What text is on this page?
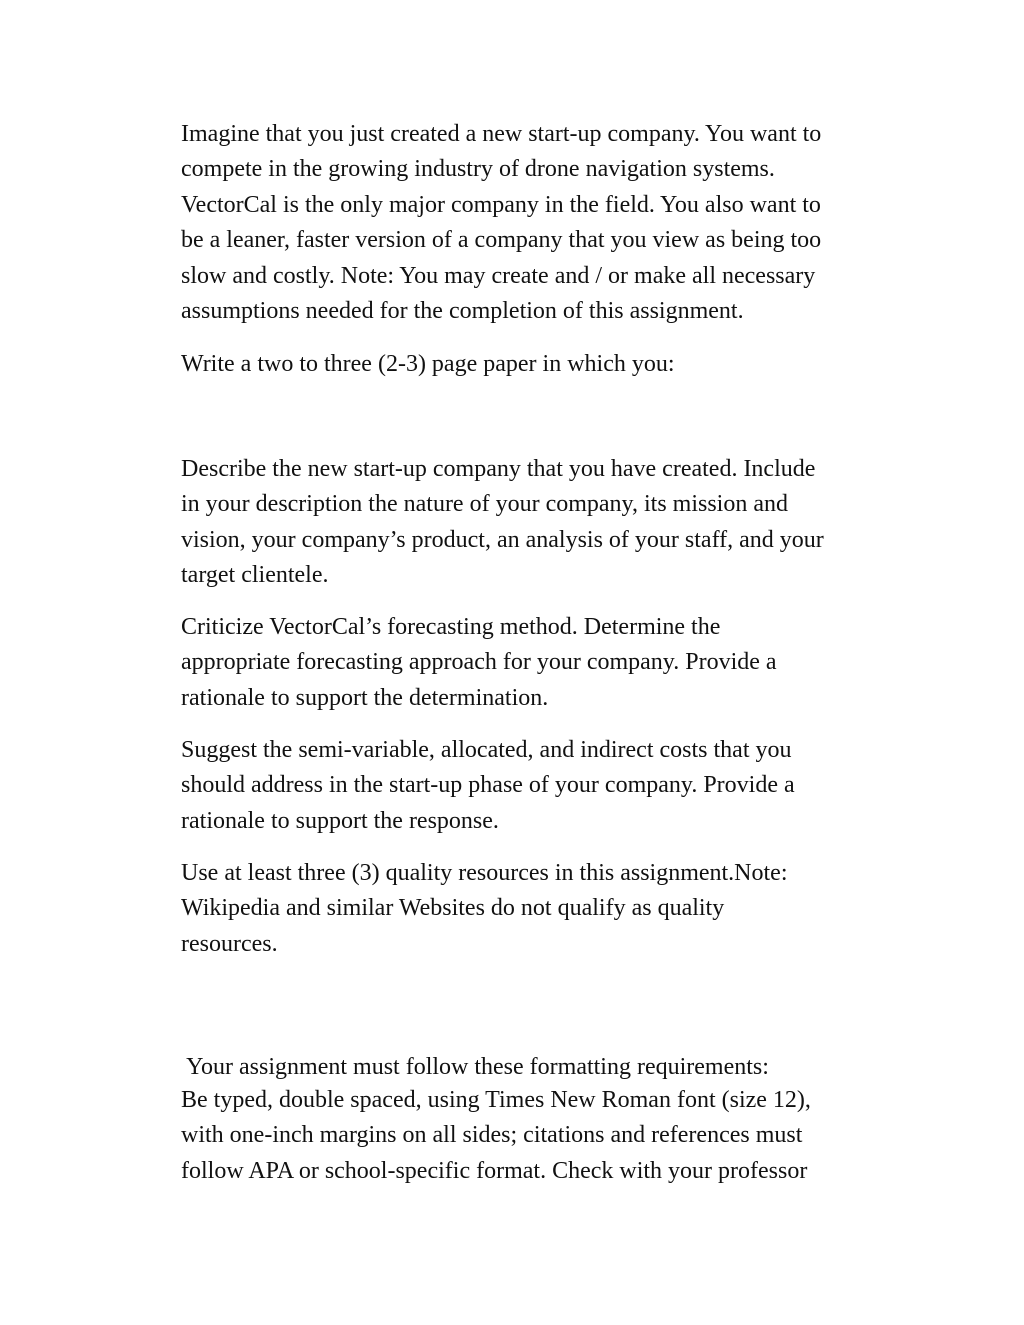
Imagine that you just created a new start-up company. You want to
compete in the growing industry of drone navigation systems.
VectorCal is the only major company in the field. You also want to
be a leaner, faster version of a company that you view as being too
slow and costly. Note: You may create and / or make all necessary
assumptions needed for the completion of this assignment.

Write a two to three (2-3) page paper in which you:

Describe the new start-up company that you have created. Include
in your description the nature of your company, its mission and
vision, your company’s product, an analysis of your staff, and your
target clientele.

Criticize VectorCal’s forecasting method. Determine the
appropriate forecasting approach for your company. Provide a
rationale to support the determination.

Suggest the semi-variable, allocated, and indirect costs that you
should address in the start-up phase of your company. Provide a
rationale to support the response.

Use at least three (3) quality resources in this assignment.Note:
Wikipedia and similar Websites do not qualify as quality
resources.

Your assignment must follow these formatting requirements:

Be typed, double spaced, using Times New Roman font (size 12),
with one-inch margins on all sides; citations and references must
follow APA or school-specific format. Check with your professor
